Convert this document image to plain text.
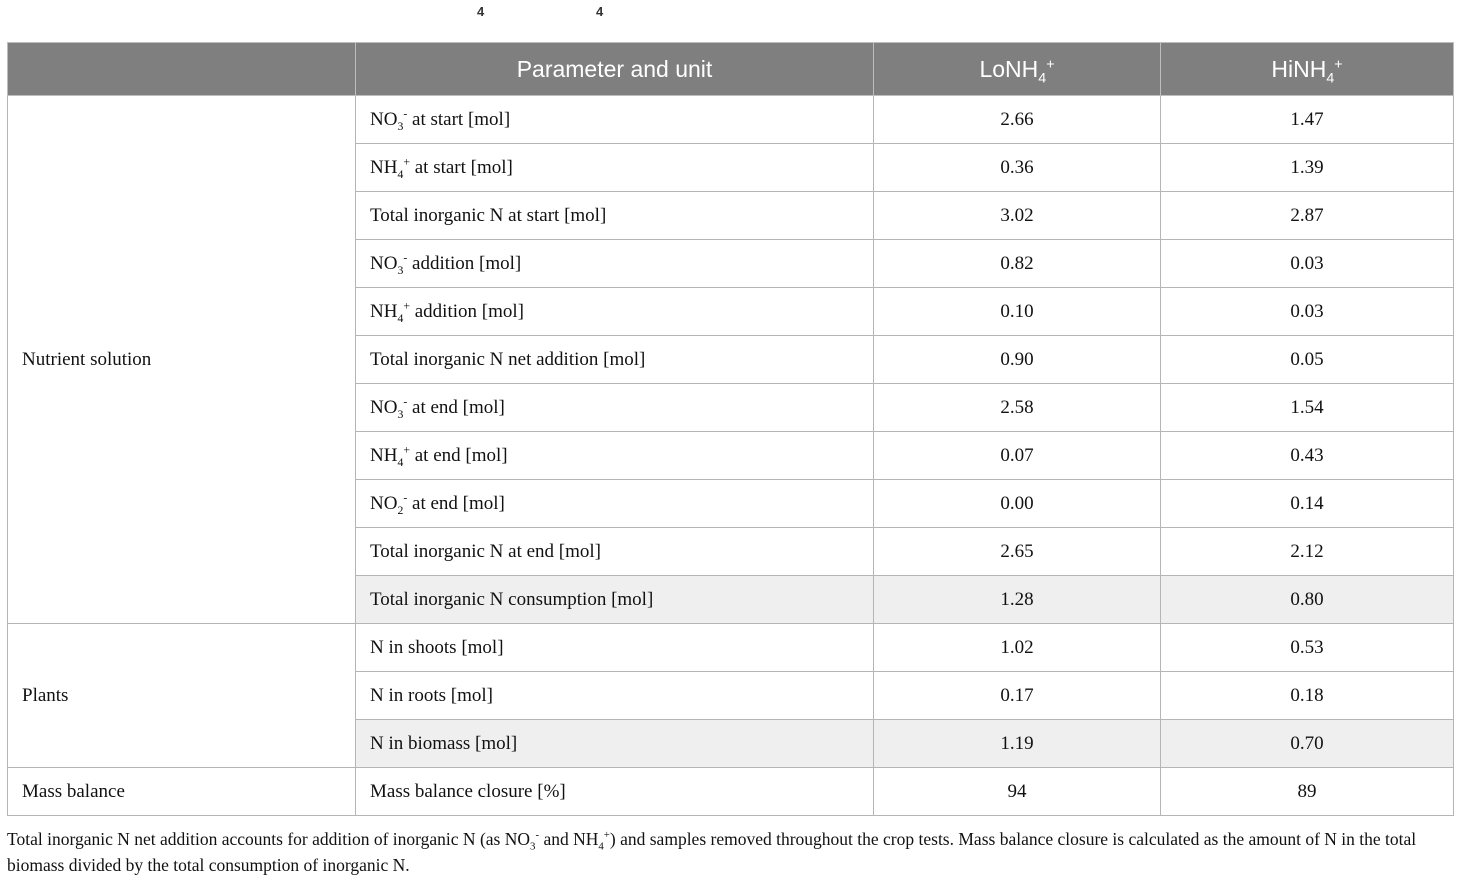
4	4
	Parameter and unit	LoNH$_4$+	HiNH$_4$+
Nutrient solution	$NO_3^-$ at start [mol]	2.66	1.47
	$NH_4^+$ at start [mol]	0.36	1.39
	Total inorganic N at start [mol]	3.02	2.87
	$NO_3^-$ addition [mol]	0.82	0.03
	$NH_4^+$ addition [mol]	0.10	0.03
	Total inorganic N net addition [mol]	0.90	0.05
	$NO_3^-$ at end [mol]	2.58	1.54
	$NH_4^+$ at end [mol]	0.07	0.43
	$NO_2^-$ at end [mol]	0.00	0.14
	Total inorganic N at end [mol]	2.65	2.12
	Total inorganic N consumption [mol]	1.28	0.80
Plants	N in shoots [mol]	1.02	0.53
	N in roots [mol]	0.17	0.18
	N in biomass [mol]	1.19	0.70
Mass balance	Mass balance closure [%]	94	89
Total inorganic N net addition accounts for addition of inorganic N (as $NO_3^-$ and $NH_4^+$) and samples removed throughout the crop tests. Mass balance closure is calculated as the amount of N in the total biomass divided by the total consumption of inorganic N.
